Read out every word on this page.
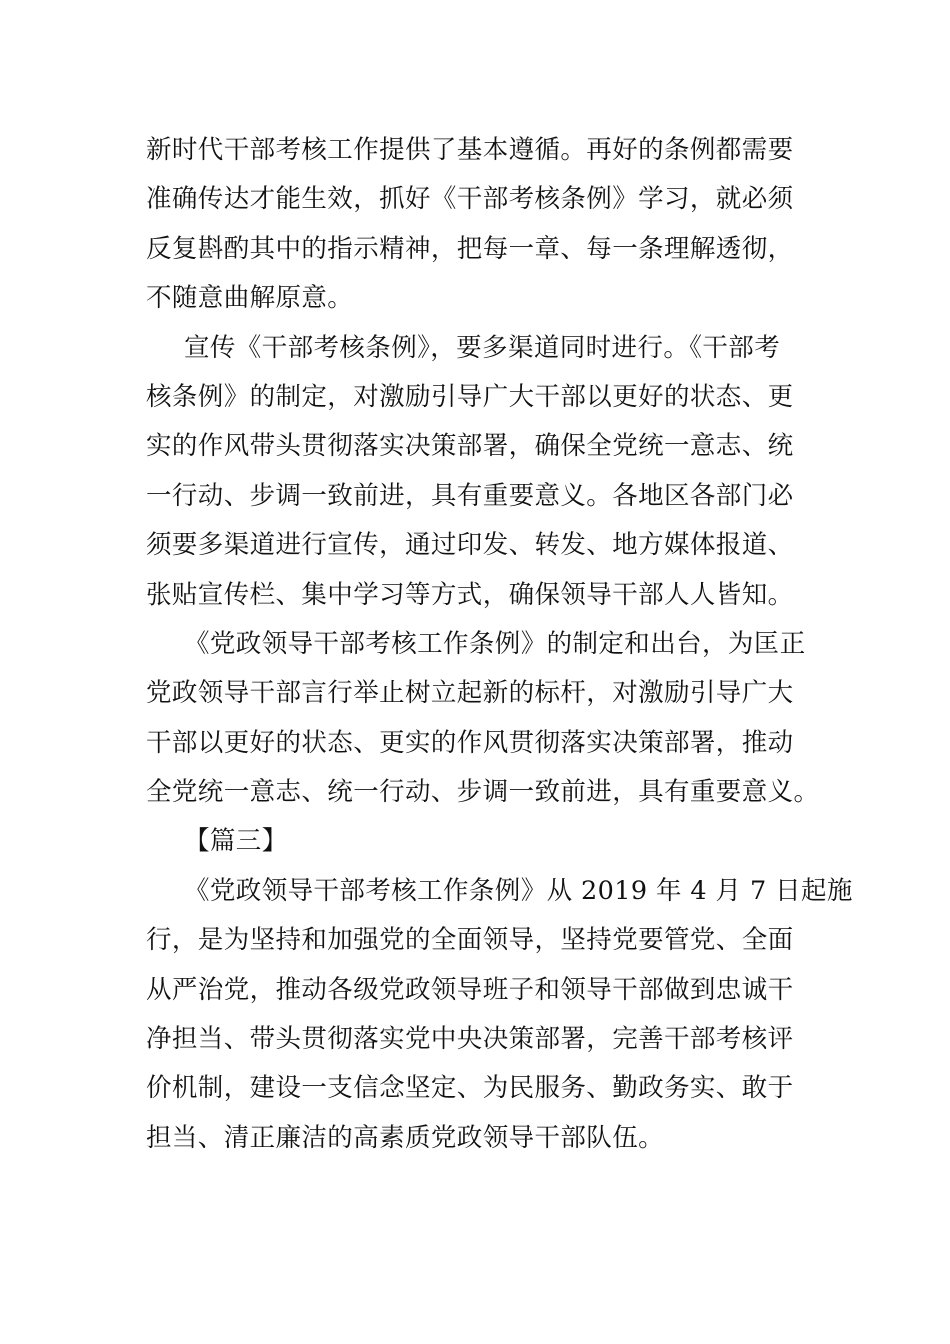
新时代干部考核工作提供了基本遵循。再好的条例都需要
准确传达才能生效，抓好《干部考核条例》学习，就必须
反复斟酌其中的指示精神，把每一章、每一条理解透彻，
不随意曲解原意。
宣传《干部考核条例》，要多渠道同时进行。《干部考
核条例》的制定，对激励引导广大干部以更好的状态、更
实的作风带头贯彻落实决策部署，确保全党统一意志、统
一行动、步调一致前进，具有重要意义。各地区各部门必
须要多渠道进行宣传，通过印发、转发、地方媒体报道、
张贴宣传栏、集中学习等方式，确保领导干部人人皆知。
《党政领导干部考核工作条例》的制定和出台，为匡正
党政领导干部言行举止树立起新的标杆，对激励引导广大
干部以更好的状态、更实的作风贯彻落实决策部署，推动
全党统一意志、统一行动、步调一致前进，具有重要意义。
【篇三】
《党政领导干部考核工作条例》从 2019 年 4 月 7 日起施
行，是为坚持和加强党的全面领导，坚持党要管党、全面
从严治党，推动各级党政领导班子和领导干部做到忠诚干
净担当、带头贯彻落实党中央决策部署，完善干部考核评
价机制，建设一支信念坚定、为民服务、勤政务实、敢于
担当、清正廉洁的高素质党政领导干部队伍。
